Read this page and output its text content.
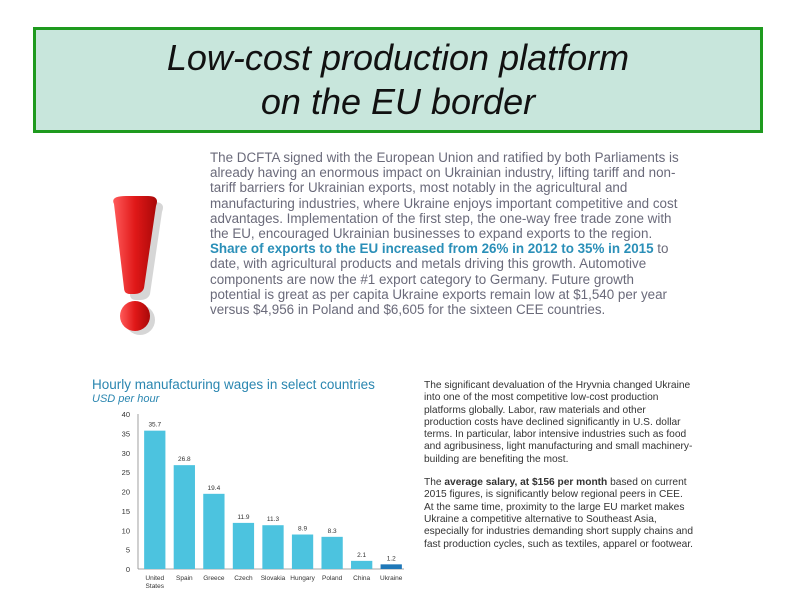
Low-cost production platform
on the EU border
The DCFTA signed with the European Union and ratified by both Parliaments is already having an enormous impact on Ukrainian industry, lifting tariff and non-tariff barriers for Ukrainian exports, most notably in the agricultural and manufacturing industries, where Ukraine enjoys important competitive and cost advantages. Implementation of the first step, the one-way free trade zone with the EU, encouraged Ukrainian businesses to expand exports to the region. Share of exports to the EU increased from 26% in 2012 to 35% in 2015 to date, with agricultural products and metals driving this growth. Automotive components are now the #1 export category to Germany. Future growth potential is great as per capita Ukraine exports remain low at $1,540 per year versus $4,956 in Poland and $6,605 for the sixteen CEE countries.
Hourly manufacturing wages in select countries
USD per hour
0
5
10
15
20
25
30
35
40
35.7
United
States
26.8
Spain
19.4
Greece
11.9
Czech
11.3
Slovakia
8.9
Hungary
8.3
Poland
2.1
China
1.2
Ukraine

The significant devaluation of the Hryvnia changed Ukraine into one of the most competitive low-cost production platforms globally. Labor, raw materials and other production costs have declined significantly in U.S. dollar terms. In particular, labor intensive industries such as food and agribusiness, light manufacturing and small machinery-building are benefiting the most.

The average salary, at $156 per month based on current 2015 figures, is significantly below regional peers in CEE. At the same time, proximity to the large EU market makes Ukraine a competitive alternative to Southeast Asia, especially for industries demanding short supply chains and fast production cycles, such as textiles, apparel or footwear.
